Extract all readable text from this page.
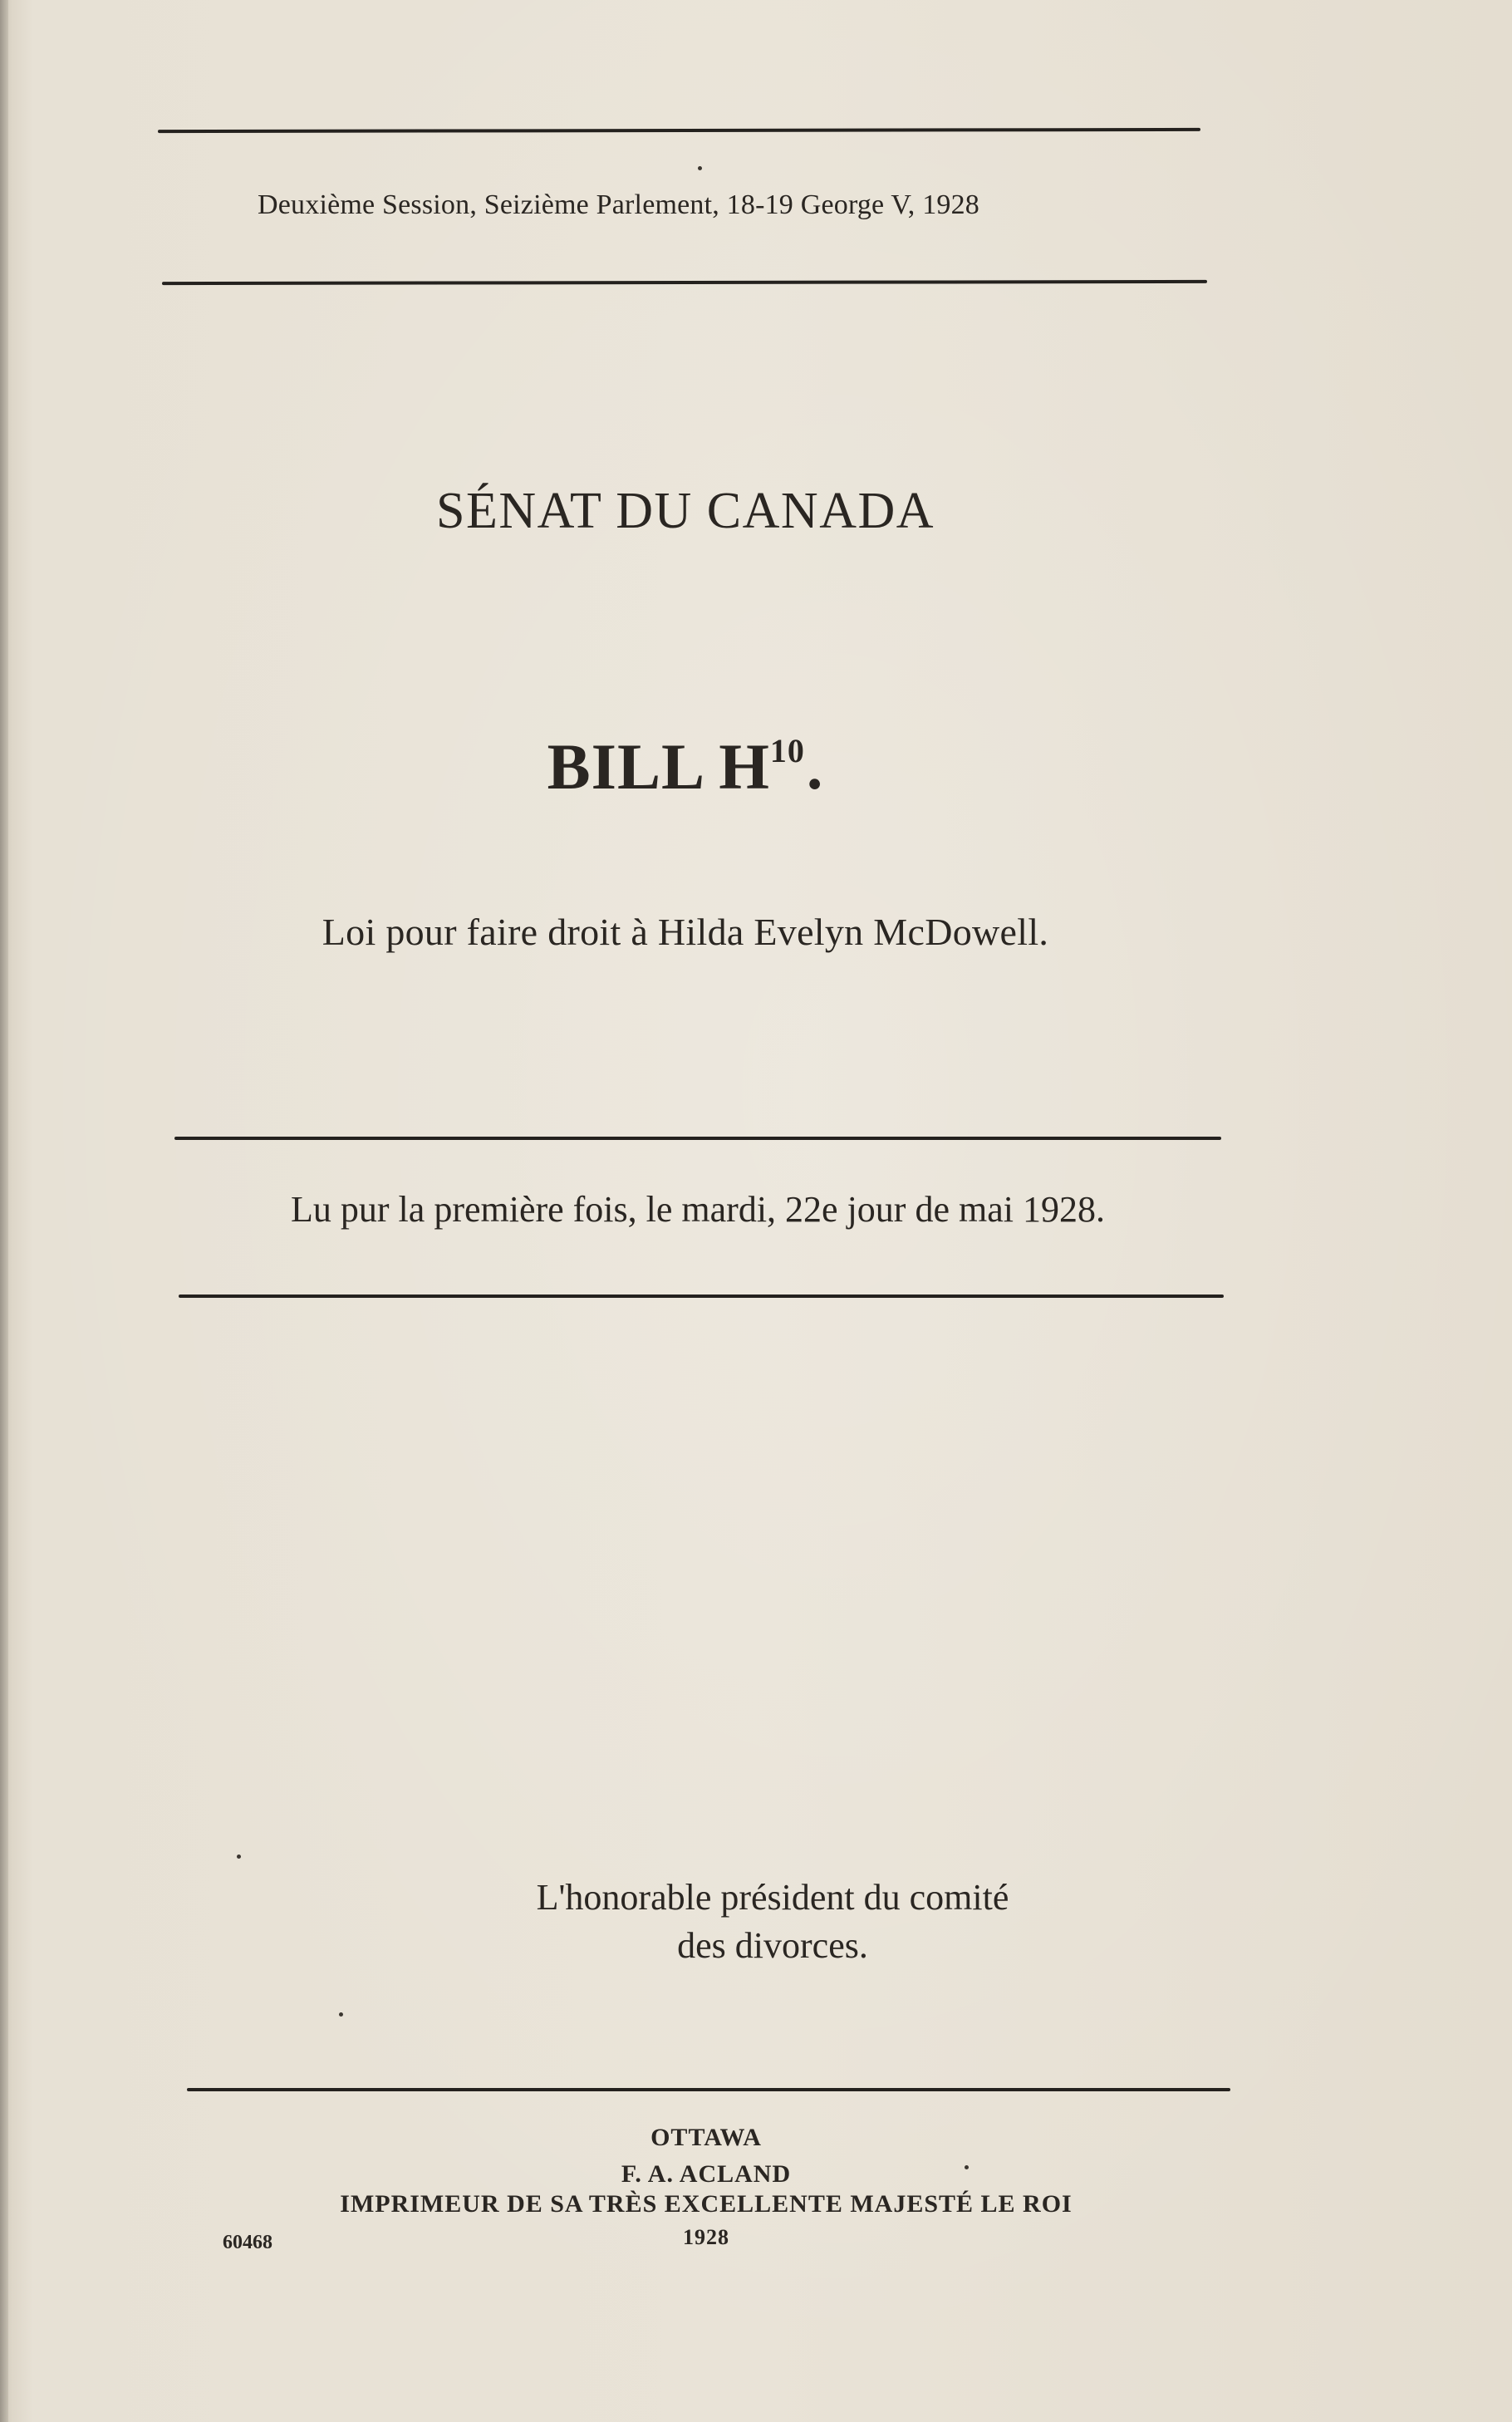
Deuxième Session, Seizième Parlement, 18-19 George V, 1928
SÉNAT DU CANADA
BILL $H^{10}$.
Loi pour faire droit à Hilda Evelyn McDowell.
Lu pur la première fois, le mardi, 22e jour de mai 1928.
L'honorable président du comité
des divorces.
OTTAWA
F. A. ACLAND
IMPRIMEUR DE SA TRÈS EXCELLENTE MAJESTÉ LE ROI
1928
60468
